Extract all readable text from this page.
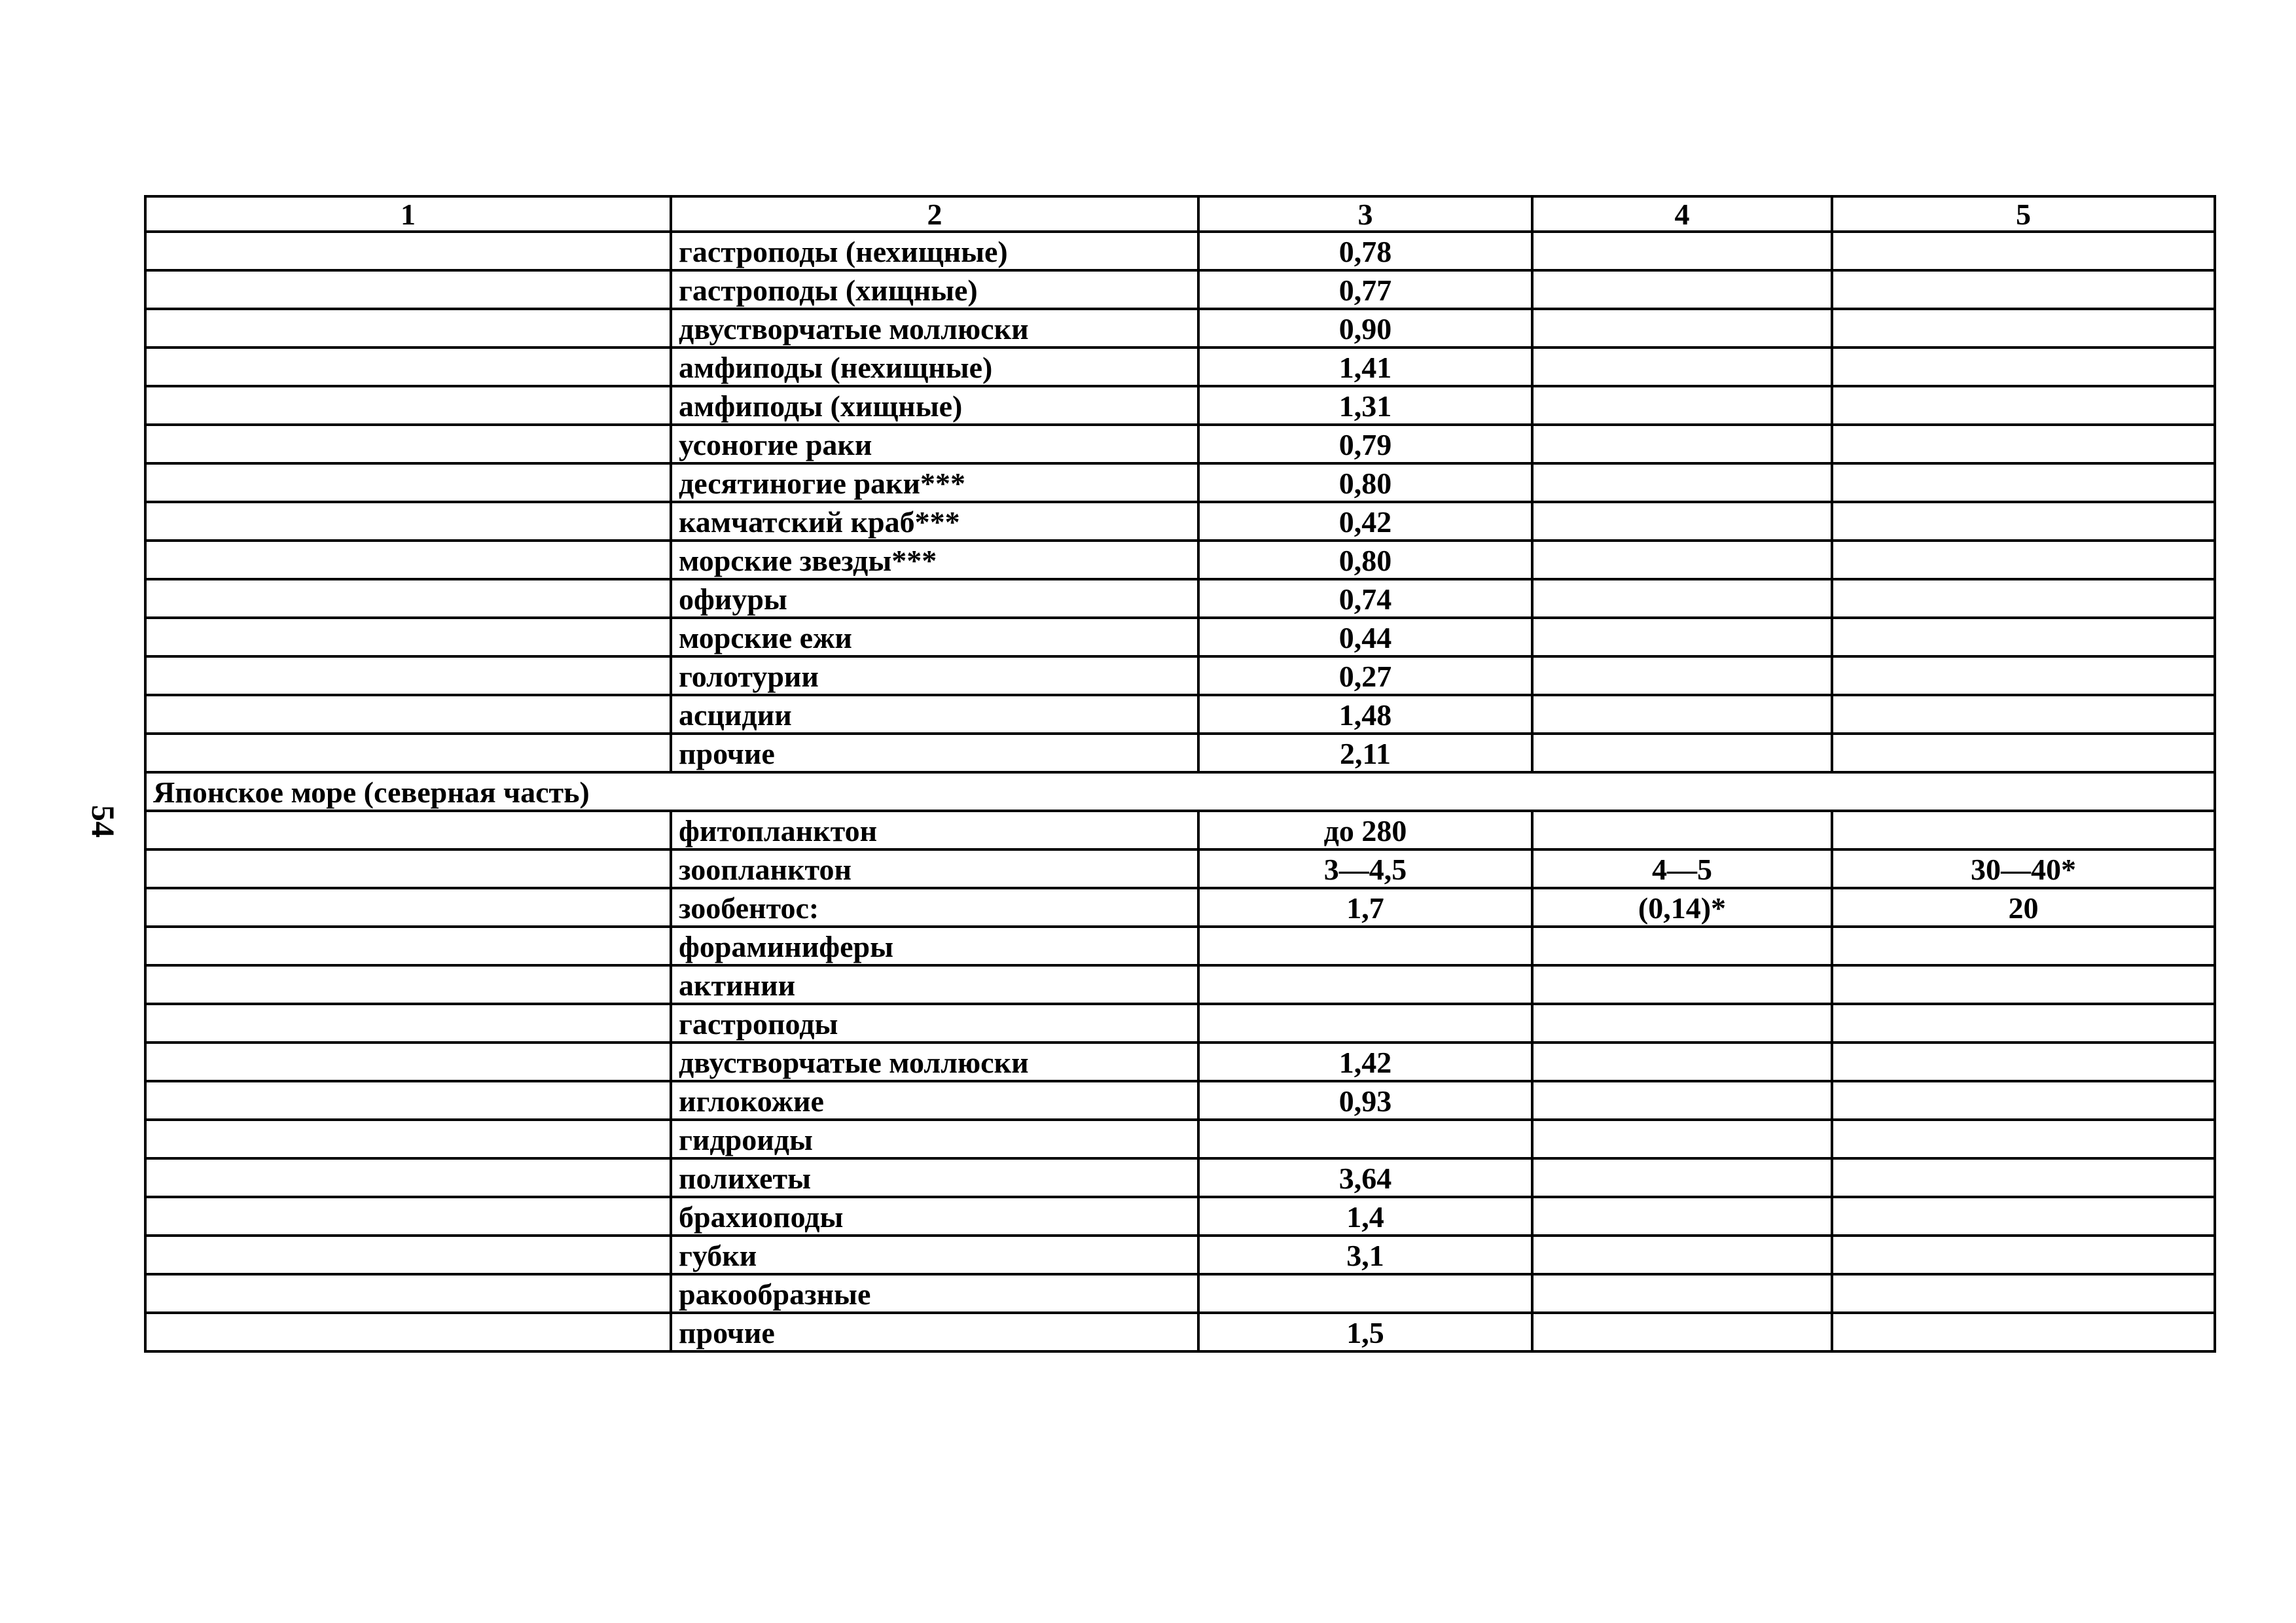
54
1	2	3	4	5
	гастроподы (нехищные)	0,78		
	гастроподы (хищные)	0,77		
	двустворчатые моллюски	0,90		
	амфиподы (нехищные)	1,41		
	амфиподы (хищные)	1,31		
	усоногие раки	0,79		
	десятиногие раки***	0,80		
	камчатский краб***	0,42		
	морские звезды***	0,80		
	офиуры	0,74		
	морские ежи	0,44		
	голотурии	0,27		
	асцидии	1,48		
	прочие	2,11		
Японское море (северная часть)				
	фитопланктон	до 280		
	зоопланктон	3—4,5	4—5	30—40*
	зообентос:	1,7	(0,14)*	20
	фораминиферы			
	актинии			
	гастроподы			
	двустворчатые моллюски	1,42		
	иглокожие	0,93		
	гидроиды			
	полихеты	3,64		
	брахиоподы	1,4		
	губки	3,1		
	ракообразные			
	прочие	1,5		
